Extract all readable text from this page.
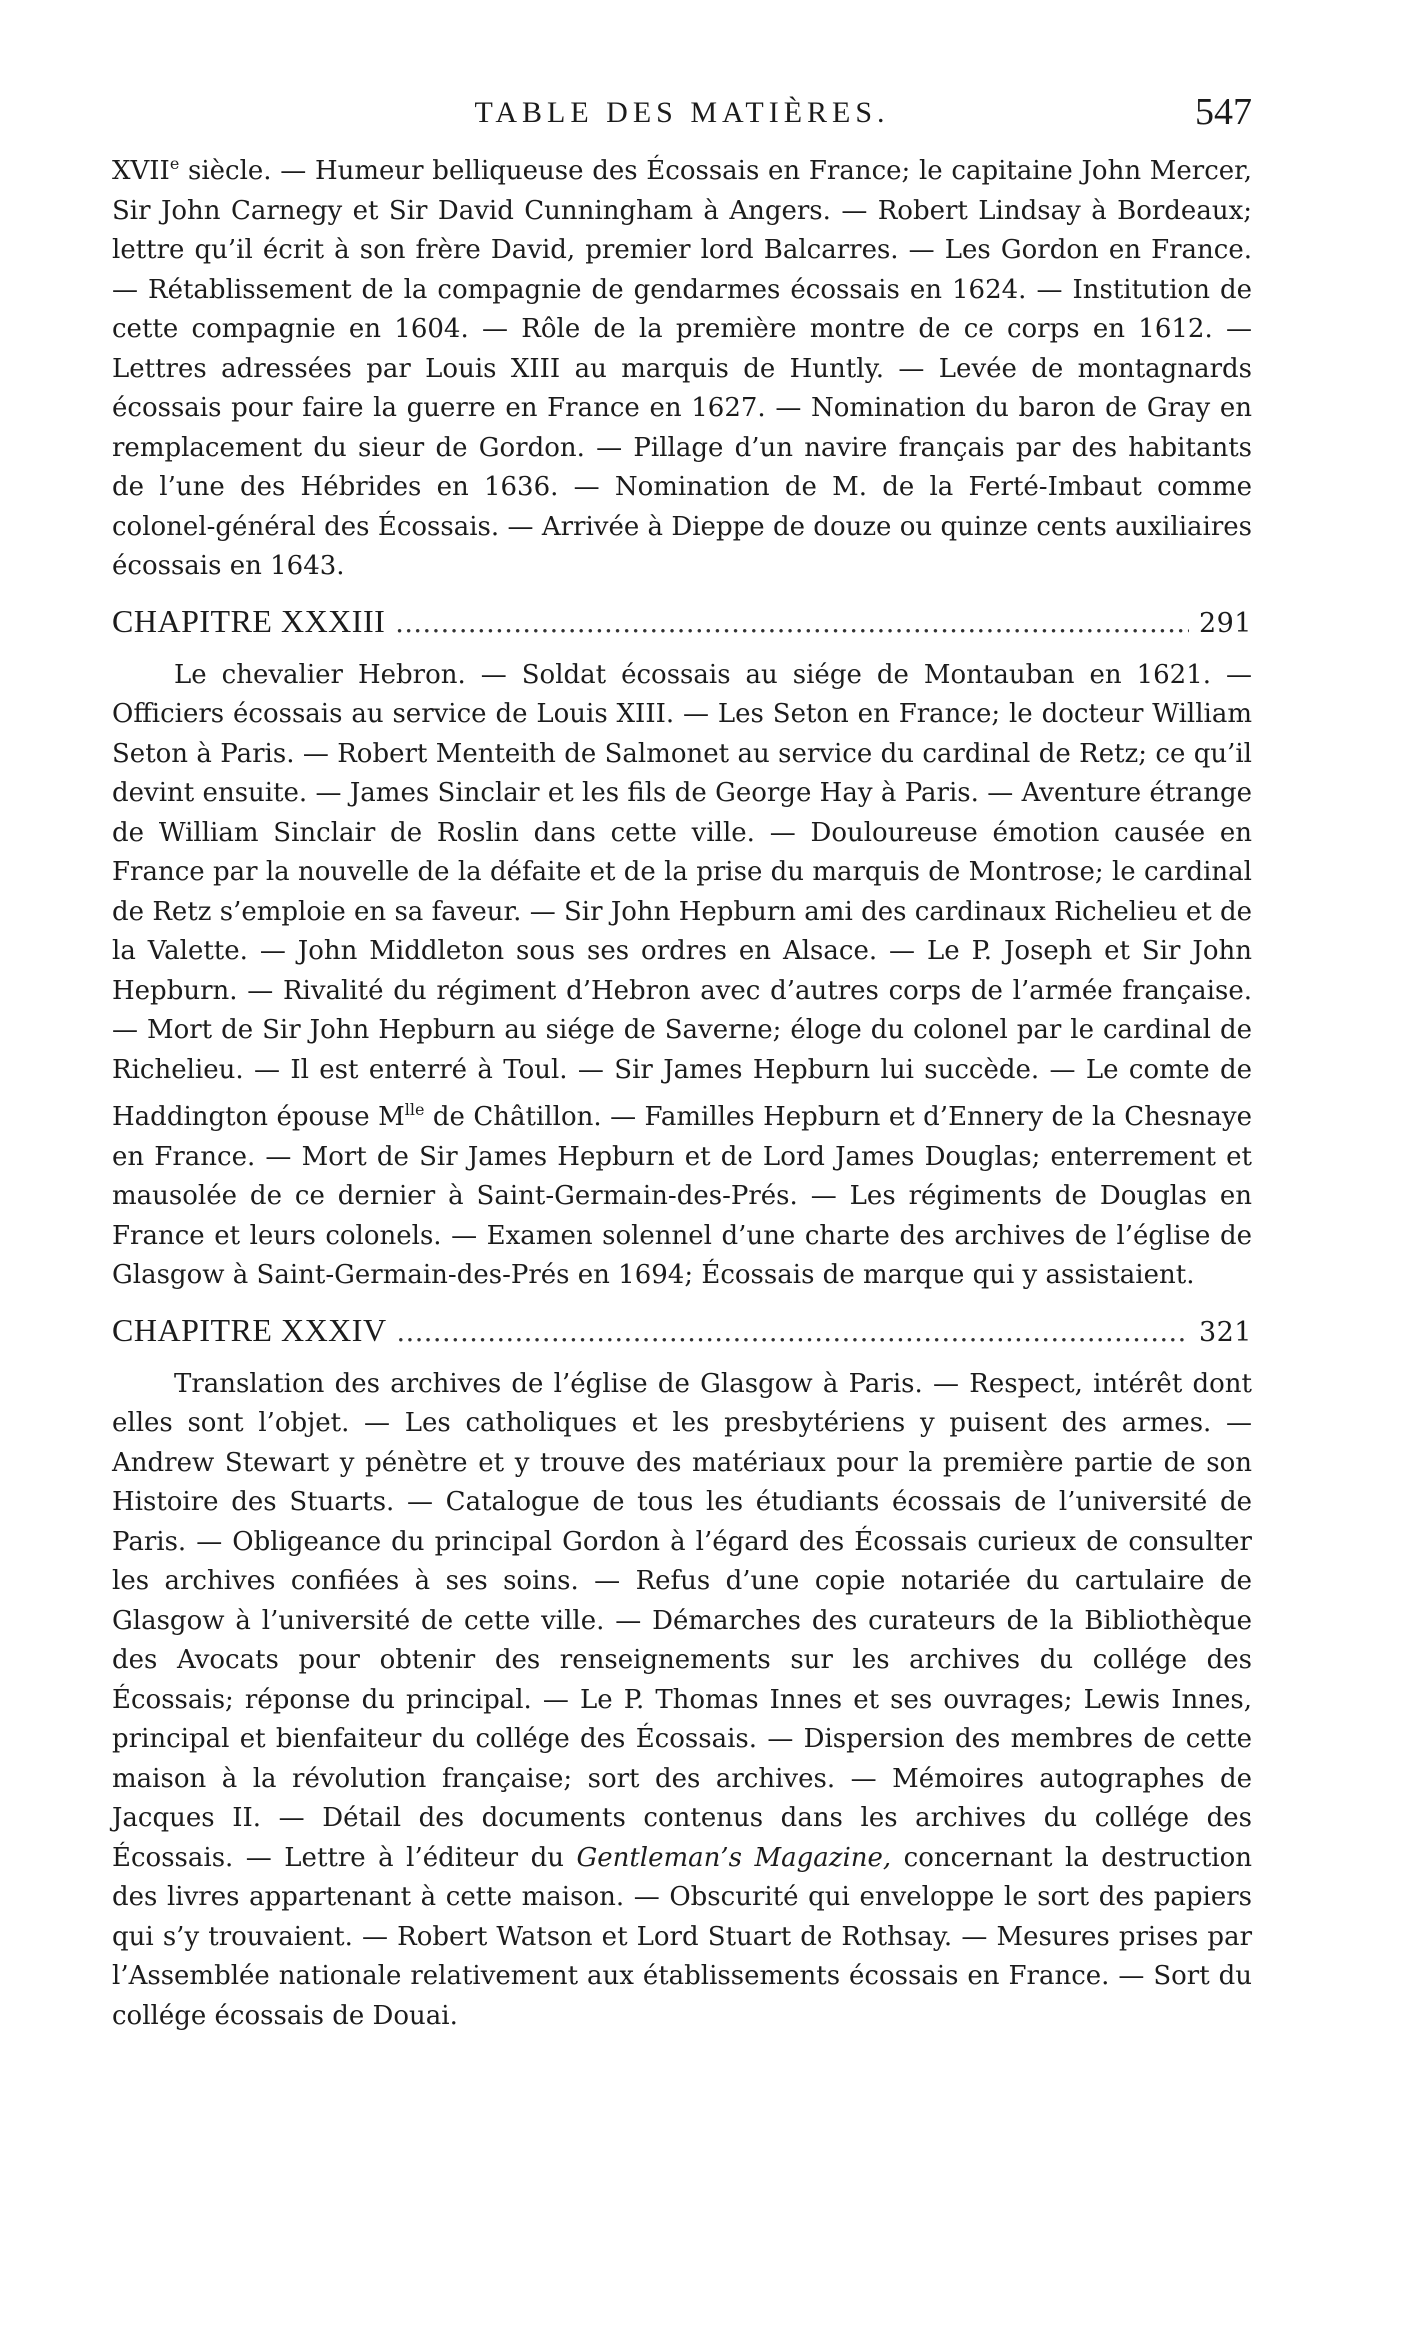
TABLE DES MATIÈRES.	547

XVIIe siècle. — Humeur belliqueuse des Écossais en France; le capitaine John Mercer, Sir John Carnegy et Sir David Cunningham à Angers. — Robert Lindsay à Bordeaux; lettre qu’il écrit à son frère David, premier lord Balcarres. — Les Gordon en France. — Rétablissement de la compagnie de gendarmes écossais en 1624. — Institution de cette compagnie en 1604. — Rôle de la première montre de ce corps en 1612. — Lettres adressées par Louis XIII au marquis de Huntly. — Levée de montagnards écossais pour faire la guerre en France en 1627. — Nomination du baron de Gray en remplacement du sieur de Gordon. — Pillage d’un navire français par des habitants de l’une des Hébrides en 1636. — Nomination de M. de la Ferté-Imbaut comme colonel-général des Écossais. — Arrivée à Dieppe de douze ou quinze cents auxiliaires écossais en 1643.

CHAPITRE XXXIII .....	291

Le chevalier Hebron. — Soldat écossais au siége de Montauban en 1621. — Officiers écossais au service de Louis XIII. — Les Seton en France; le docteur William Seton à Paris. — Robert Menteith de Salmonet au service du cardinal de Retz; ce qu’il devint ensuite. — James Sinclair et les fils de George Hay à Paris. — Aventure étrange de William Sinclair de Roslin dans cette ville. — Douloureuse émotion causée en France par la nouvelle de la défaite et de la prise du marquis de Montrose; le cardinal de Retz s’emploie en sa faveur. — Sir John Hepburn ami des cardinaux Richelieu et de la Valette. — John Middleton sous ses ordres en Alsace. — Le P. Joseph et Sir John Hepburn. — Rivalité du régiment d’Hebron avec d’autres corps de l’armée française. — Mort de Sir John Hepburn au siége de Saverne; éloge du colonel par le cardinal de Richelieu. — Il est enterré à Toul. — Sir James Hepburn lui succède. — Le comte de Haddington épouse $M^{lle}$ de Châtillon. — Familles Hepburn et d’Ennery de la Chesnaye en France. — Mort de Sir James Hepburn et de Lord James Douglas; enterrement et mausolée de ce dernier à Saint-Germain-des-Prés. — Les régiments de Douglas en France et leurs colonels. — Examen solennel d’une charte des archives de l’église de Glasgow à Saint-Germain-des-Prés en 1694; Écossais de marque qui y assistaient.

CHAPITRE XXXIV .....	321

Translation des archives de l’église de Glasgow à Paris. — Respect, intérêt dont elles sont l’objet. — Les catholiques et les presbytériens y puisent des armes. — Andrew Stewart y pénètre et y trouve des matériaux pour la première partie de son Histoire des Stuarts. — Catalogue de tous les étudiants écossais de l’université de Paris. — Obligeance du principal Gordon à l’égard des Écossais curieux de consulter les archives confiées à ses soins. — Refus d’une copie notariée du cartulaire de Glasgow à l’université de cette ville. — Démarches des curateurs de la Bibliothèque des Avocats pour obtenir des renseignements sur les archives du collége des Écossais; réponse du principal. — Le P. Thomas Innes et ses ouvrages; Lewis Innes, principal et bienfaiteur du collége des Écossais. — Dispersion des membres de cette maison à la révolution française; sort des archives. — Mémoires autographes de Jacques II. — Détail des documents contenus dans les archives du collége des Écossais. — Lettre à l’éditeur du Gentleman’s Magazine, concernant la destruction des livres appartenant à cette maison. — Obscurité qui enveloppe le sort des papiers qui s’y trouvaient. — Robert Watson et Lord Stuart de Rothsay. — Mesures prises par l’Assemblée nationale relativement aux établissements écossais en France. — Sort du collége écossais de Douai.
